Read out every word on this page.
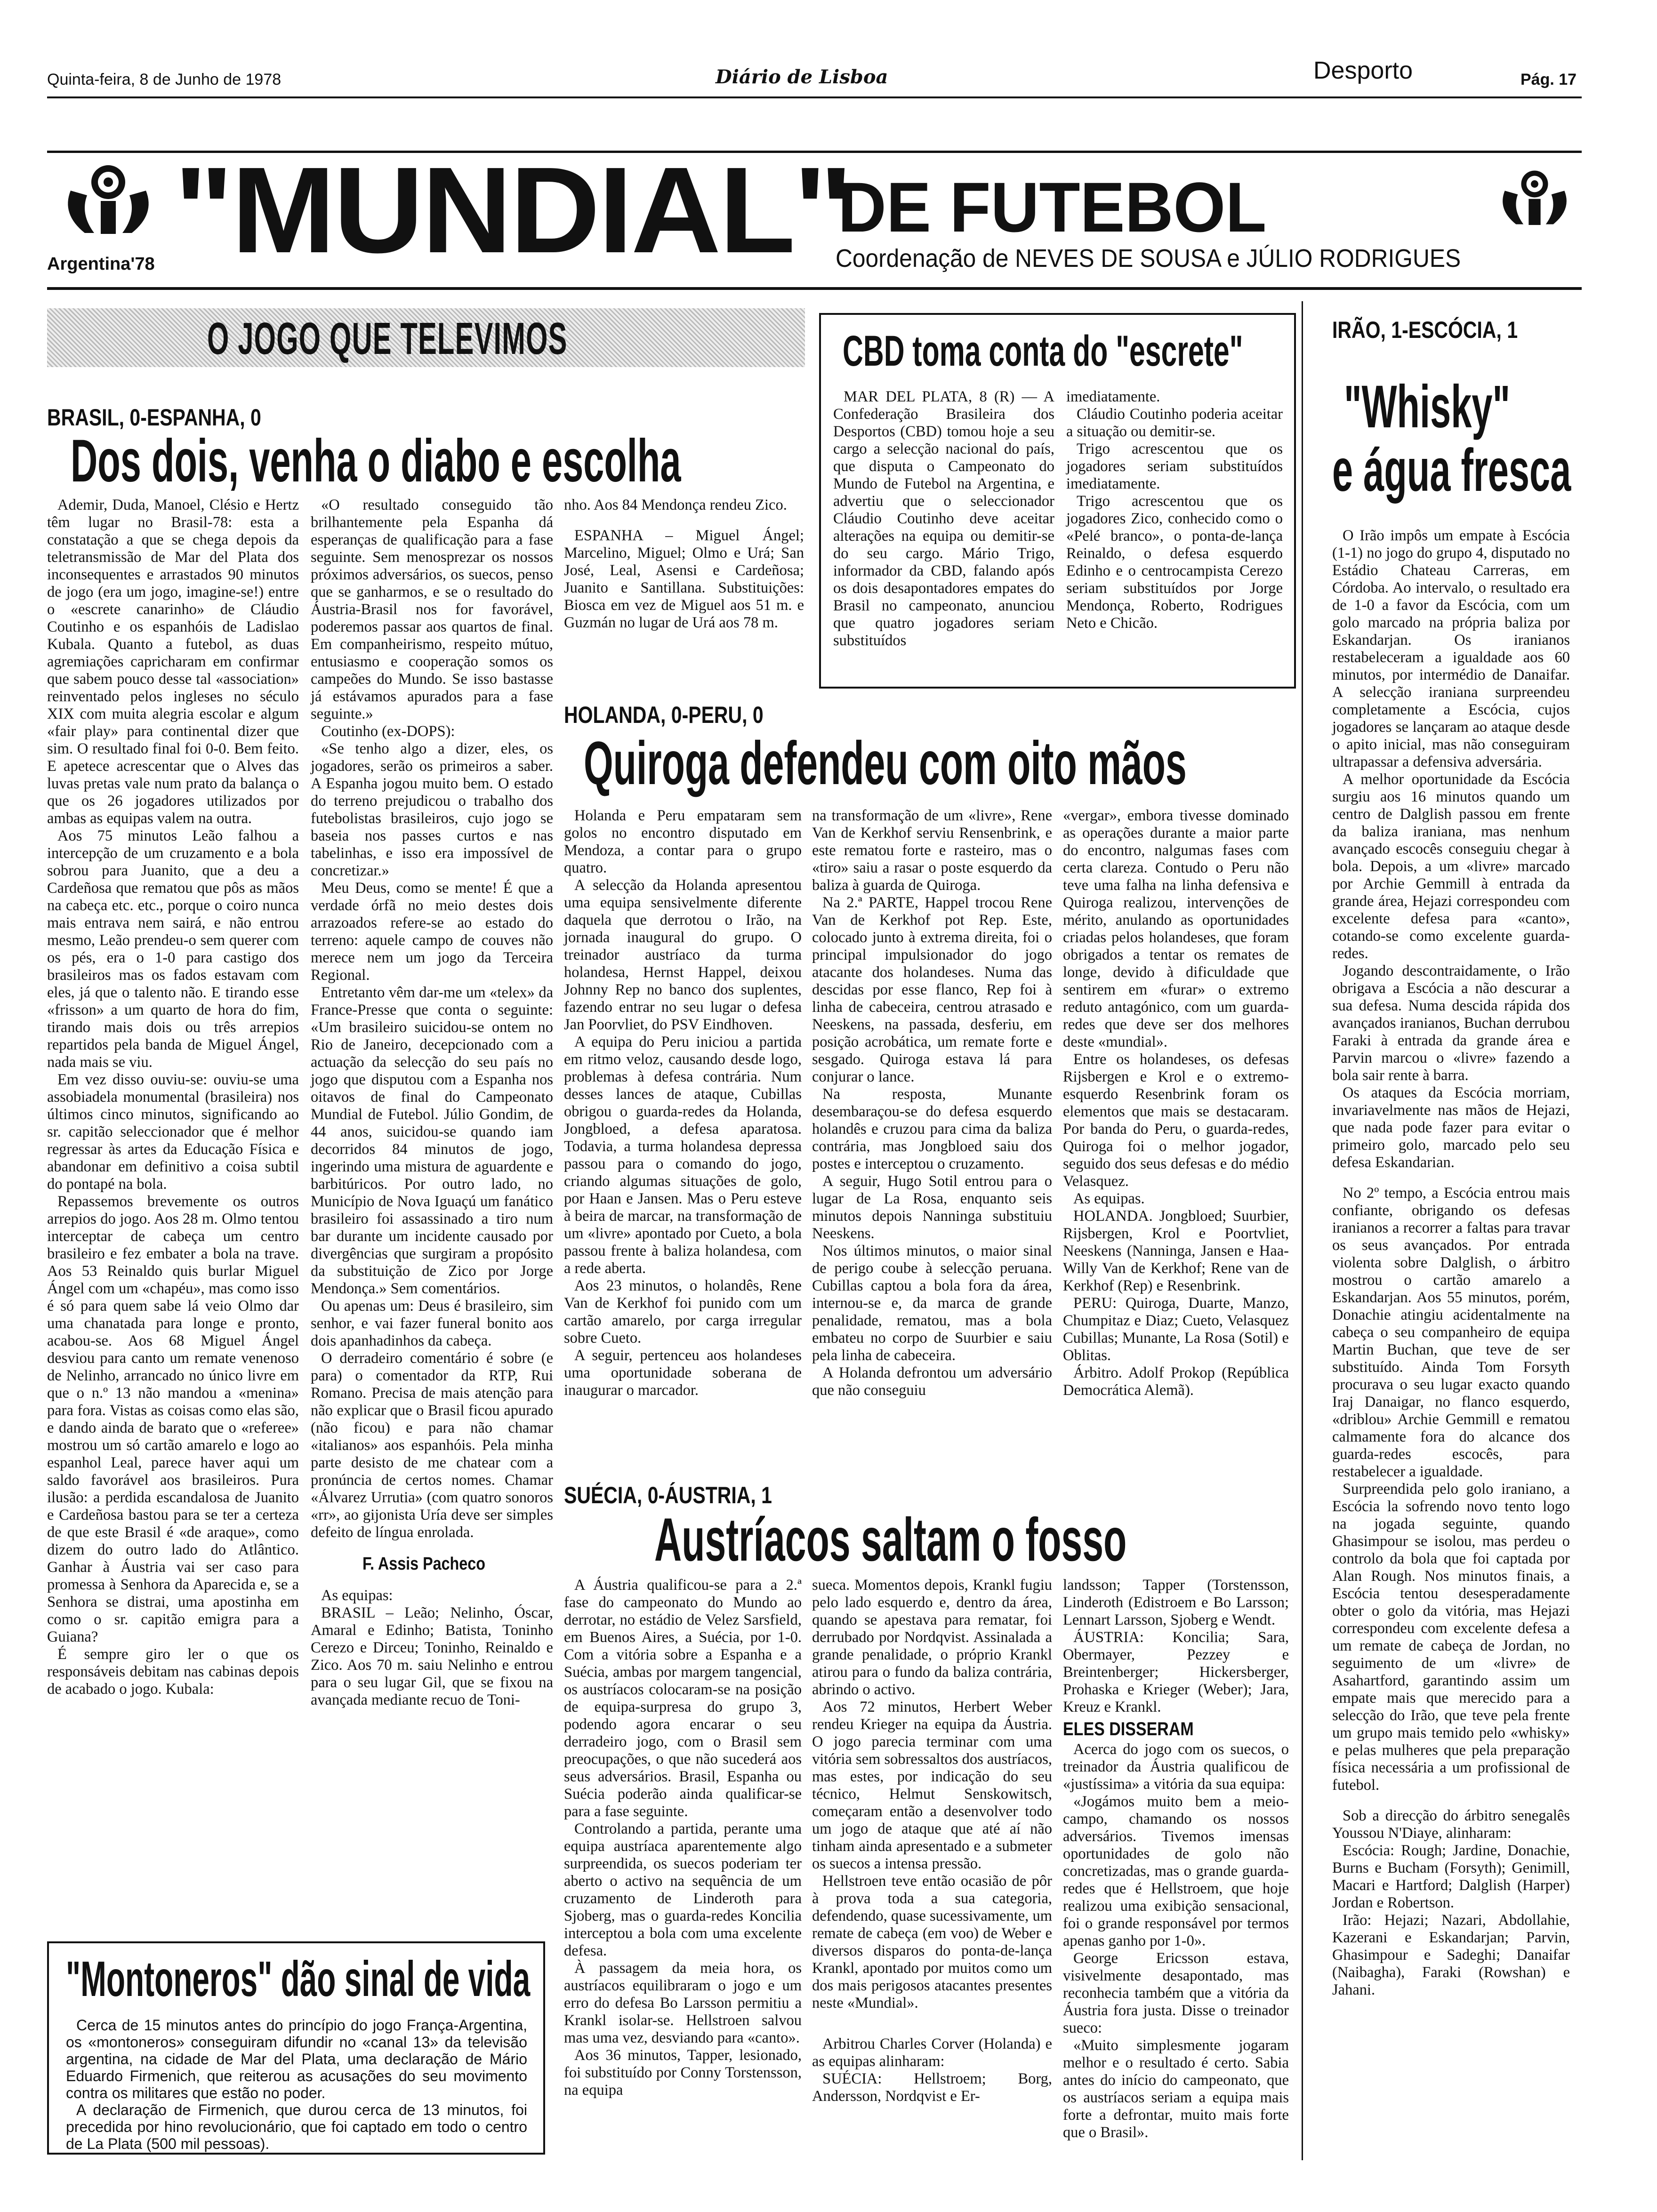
Quinta-feira, 8 de Junho de 1978	Diário de Lisboa	Desporto	Pág. 17
Argentina'78 "MUNDIAL"
DE FUTEBOL
Coordenação de NEVES DE SOUSA e JÚLIO RODRIGUES
O JOGO QUE TELEVIMOS
BRASIL, 0-ESPANHA, 0
Dos dois, venha o diabo e escolha

Ademir, Duda, Manoel, Clésio e Hertz têm lugar no Brasil-78: esta a constatação a que se chega depois da teletransmissão de Mar del Plata dos inconsequentes e arrastados 90 minutos de jogo (era um jogo, imagine-se!) entre o «escrete canarinho» de Cláudio Coutinho e os espanhóis de Ladislao Kubala. Quanto a futebol, as duas agremiações capricharam em confirmar que sabem pouco desse tal «association» reinventado pelos ingleses no século XIX com muita alegria escolar e algum «fair play» para continental dizer que sim. O resultado final foi 0-0. Bem feito. E apetece acrescentar que o Alves das luvas pretas vale num prato da balança o que os 26 jogadores utilizados por ambas as equipas valem na outra.

Aos 75 minutos Leão falhou a intercepção de um cruzamento e a bola sobrou para Juanito, que a deu a Cardeñosa que rematou que pôs as mãos na cabeça etc. etc., porque o coiro nunca mais entrava nem sairá, e não entrou mesmo, Leão prendeu-o sem querer com os pés, era o 1-0 para castigo dos brasileiros mas os fados estavam com eles, já que o talento não. E tirando esse «frisson» a um quarto de hora do fim, tirando mais dois ou três arrepios repartidos pela banda de Miguel Ángel, nada mais se viu.

Em vez disso ouviu-se: ouviu-se uma assobiadela monumental (brasileira) nos últimos cinco minutos, significando ao sr. capitão seleccionador que é melhor regressar às artes da Educação Física e abandonar em definitivo a coisa subtil do pontapé na bola.

Repassemos brevemente os outros arrepios do jogo. Aos 28 m. Olmo tentou interceptar de cabeça um centro brasileiro e fez embater a bola na trave. Aos 53 Reinaldo quis burlar Miguel Ángel com um «chapéu», mas como isso é só para quem sabe lá veio Olmo dar uma chanatada para longe e pronto, acabou-se. Aos 68 Miguel Ángel desviou para canto um remate venenoso de Nelinho, arrancado no único livre em que o n.º 13 não mandou a «menina» para fora. Vistas as coisas como elas são, e dando ainda de barato que o «referee» mostrou um só cartão amarelo e logo ao espanhol Leal, parece haver aqui um saldo favorável aos brasileiros. Pura ilusão: a perdida escandalosa de Juanito e Cardeñosa bastou para se ter a certeza de que este Brasil é «de araque», como dizem do outro lado do Atlântico. Ganhar à Áustria vai ser caso para promessa à Senhora da Aparecida e, se a Senhora se distrai, uma apostinha em como o sr. capitão emigra para a Guiana?

É sempre giro ler o que os responsáveis debitam nas cabinas depois de acabado o jogo. Kubala:

«O resultado conseguido tão brilhantemente pela Espanha dá esperanças de qualificação para a fase seguinte. Sem menosprezar os nossos próximos adversários, os suecos, penso que se ganharmos, e se o resultado do Áustria-Brasil nos for favorável, poderemos passar aos quartos de final. Em companheirismo, respeito mútuo, entusiasmo e cooperação somos os campeões do Mundo. Se isso bastasse já estávamos apurados para a fase seguinte.»

Coutinho (ex-DOPS):

«Se tenho algo a dizer, eles, os jogadores, serão os primeiros a saber. A Espanha jogou muito bem. O estado do terreno prejudicou o trabalho dos futebolistas brasileiros, cujo jogo se baseia nos passes curtos e nas tabelinhas, e isso era impossível de concretizar.»

Meu Deus, como se mente! É que a verdade órfã no meio destes dois arrazoados refere-se ao estado do terreno: aquele campo de couves não merece nem um jogo da Terceira Regional.

Entretanto vêm dar-me um «telex» da France-Presse que conta o seguinte: «Um brasileiro suicidou-se ontem no Rio de Janeiro, decepcionado com a actuação da selecção do seu país no jogo que disputou com a Espanha nos oitavos de final do Campeonato Mundial de Futebol. Júlio Gondim, de 44 anos, suicidou-se quando iam decorridos 84 minutos de jogo, ingerindo uma mistura de aguardente e barbitúricos. Por outro lado, no Município de Nova Iguaçú um fanático brasileiro foi assassinado a tiro num bar durante um incidente causado por divergências que surgiram a propósito da substituição de Zico por Jorge Mendonça.» Sem comentários.

Ou apenas um: Deus é brasileiro, sim senhor, e vai fazer funeral bonito aos dois apanhadinhos da cabeça.

O derradeiro comentário é sobre (e para) o comentador da RTP, Rui Romano. Precisa de mais atenção para não explicar que o Brasil ficou apurado (não ficou) e para não chamar «italianos» aos espanhóis. Pela minha parte desisto de me chatear com a pronúncia de certos nomes. Chamar «Álvarez Urrutia» (com quatro sonoros «rr», ao gijonista Uría deve ser simples defeito de língua enrolada.

F. Assis Pacheco

As equipas:

BRASIL – Leão; Nelinho, Óscar, Amaral e Edinho; Batista, Toninho Cerezo e Dirceu; Toninho, Reinaldo e Zico. Aos 70 m. saiu Nelinho e entrou para o seu lugar Gil, que se fixou na avançada mediante recuo de Toni-

nho. Aos 84 Mendonça rendeu Zico.

ESPANHA – Miguel Ángel; Marcelino, Miguel; Olmo e Urá; San José, Leal, Asensi e Cardeñosa; Juanito e Santillana. Substituições: Biosca em vez de Miguel aos 51 m. e Guzmán no lugar de Urá aos 78 m.

CBD toma conta do "escrete"

MAR DEL PLATA, 8 (R) — A Confederação Brasileira dos Desportos (CBD) tomou hoje a seu cargo a selecção nacional do país, que disputa o Campeonato do Mundo de Futebol na Argentina, e advertiu que o seleccionador Cláudio Coutinho deve aceitar alterações na equipa ou demitir-se do seu cargo. Mário Trigo, informador da CBD, falando após os dois desapontadores empates do Brasil no campeonato, anunciou que quatro jogadores seriam substituídos

imediatamente.

Cláudio Coutinho poderia aceitar a situação ou demitir-se.

Trigo acrescentou que os jogadores seriam substituídos imediatamente.

Trigo acrescentou que os jogadores Zico, conhecido como o «Pelé branco», o ponta-de-lança Reinaldo, o defesa esquerdo Edinho e o centrocampista Cerezo seriam substituídos por Jorge Mendonça, Roberto, Rodrigues Neto e Chicão.

HOLANDA, 0-PERU, 0
Quiroga defendeu com oito mãos

Holanda e Peru empataram sem golos no encontro disputado em Mendoza, a contar para o grupo quatro.

A selecção da Holanda apresentou uma equipa sensivelmente diferente daquela que derrotou o Irão, na jornada inaugural do grupo. O treinador austríaco da turma holandesa, Hernst Happel, deixou Johnny Rep no banco dos suplentes, fazendo entrar no seu lugar o defesa Jan Poorvliet, do PSV Eindhoven.

A equipa do Peru iniciou a partida em ritmo veloz, causando desde logo, problemas à defesa contrária. Num desses lances de ataque, Cubillas obrigou o guarda-redes da Holanda, Jongbloed, a defesa aparatosa. Todavia, a turma holandesa depressa passou para o comando do jogo, criando algumas situações de golo, por Haan e Jansen. Mas o Peru esteve à beira de marcar, na transformação de um «livre» apontado por Cueto, a bola passou frente à baliza holandesa, com a rede aberta.

Aos 23 minutos, o holandês, Rene Van de Kerkhof foi punido com um cartão amarelo, por carga irregular sobre Cueto.

A seguir, pertenceu aos holandeses uma oportunidade soberana de inaugurar o marcador.

na transformação de um «livre», Rene Van de Kerkhof serviu Rensenbrink, e este rematou forte e rasteiro, mas o «tiro» saiu a rasar o poste esquerdo da baliza à guarda de Quiroga.

Na 2.ª PARTE, Happel trocou Rene Van de Kerkhof pot Rep. Este, colocado junto à extrema direita, foi o principal impulsionador do jogo atacante dos holandeses. Numa das descidas por esse flanco, Rep foi à linha de cabeceira, centrou atrasado e Neeskens, na passada, desferiu, em posição acrobática, um remate forte e sesgado. Quiroga estava lá para conjurar o lance.

Na resposta, Munante desembaraçou-se do defesa esquerdo holandês e cruzou para cima da baliza contrária, mas Jongbloed saiu dos postes e interceptou o cruzamento.

A seguir, Hugo Sotil entrou para o lugar de La Rosa, enquanto seis minutos depois Nanninga substituiu Neeskens.

Nos últimos minutos, o maior sinal de perigo coube à selecção peruana. Cubillas captou a bola fora da área, internou-se e, da marca de grande penalidade, rematou, mas a bola embateu no corpo de Suurbier e saiu pela linha de cabeceira.

A Holanda defrontou um adversário que não conseguiu

«vergar», embora tivesse dominado as operações durante a maior parte do encontro, nalgumas fases com certa clareza. Contudo o Peru não teve uma falha na linha defensiva e Quiroga realizou, intervenções de mérito, anulando as oportunidades criadas pelos holandeses, que foram obrigados a tentar os remates de longe, devido à dificuldade que sentirem em «furar» o extremo reduto antagónico, com um guarda-redes que deve ser dos melhores deste «mundial».

Entre os holandeses, os defesas Rijsbergen e Krol e o extremo-esquerdo Resenbrink foram os elementos que mais se destacaram. Por banda do Peru, o guarda-redes, Quiroga foi o melhor jogador, seguido dos seus defesas e do médio Velasquez.

As equipas.

HOLANDA. Jongbloed; Suurbier, Rijsbergen, Krol e Poortvliet, Neeskens (Nanninga, Jansen e Haa-Willy Van de Kerkhof; Rene van de Kerkhof (Rep) e Resenbrink.

PERU: Quiroga, Duarte, Manzo, Chumpitaz e Diaz; Cueto, Velasquez Cubillas; Munante, La Rosa (Sotil) e Oblitas.

Árbitro. Adolf Prokop (República Democrática Alemã).

SUÉCIA, 0-ÁUSTRIA, 1
Austríacos saltam o fosso

A Áustria qualificou-se para a 2.ª fase do campeonato do Mundo ao derrotar, no estádio de Velez Sarsfield, em Buenos Aires, a Suécia, por 1-0. Com a vitória sobre a Espanha e a Suécia, ambas por margem tangencial, os austríacos colocaram-se na posição de equipa-surpresa do grupo 3, podendo agora encarar o seu derradeiro jogo, com o Brasil sem preocupações, o que não sucederá aos seus adversários. Brasil, Espanha ou Suécia poderão ainda qualificar-se para a fase seguinte.

Controlando a partida, perante uma equipa austríaca aparentemente algo surpreendida, os suecos poderiam ter aberto o activo na sequência de um cruzamento de Linderoth para Sjoberg, mas o guarda-redes Koncilia interceptou a bola com uma excelente defesa.

À passagem da meia hora, os austríacos equilibraram o jogo e um erro do defesa Bo Larsson permitiu a Krankl isolar-se. Hellstroen salvou mas uma vez, desviando para «canto».

Aos 36 minutos, Tapper, lesionado, foi substituído por Conny Torstensson, na equipa

sueca. Momentos depois, Krankl fugiu pelo lado esquerdo e, dentro da área, quando se apestava para rematar, foi derrubado por Nordqvist. Assinalada a grande penalidade, o próprio Krankl atirou para o fundo da baliza contrária, abrindo o activo.

Aos 72 minutos, Herbert Weber rendeu Krieger na equipa da Áustria. O jogo parecia terminar com uma vitória sem sobressaltos dos austríacos, mas estes, por indicação do seu técnico, Helmut Senskowitsch, começaram então a desenvolver todo um jogo de ataque que até aí não tinham ainda apresentado e a submeter os suecos a intensa pressão.

Hellstroen teve então ocasião de pôr à prova toda a sua categoria, defendendo, quase sucessivamente, um remate de cabeça (em voo) de Weber e diversos disparos do ponta-de-lança Krankl, apontado por muitos como um dos mais perigosos atacantes presentes neste «Mundial».

Arbitrou Charles Corver (Holanda) e as equipas alinharam:

SUÉCIA: Hellstroem; Borg, Andersson, Nordqvist e Er-

landsson; Tapper (Torstensson, Linderoth (Edistroem e Bo Larsson; Lennart Larsson, Sjoberg e Wendt.

ÁUSTRIA: Koncilia; Sara, Obermayer, Pezzey e Breintenberger; Hickersberger, Prohaska e Krieger (Weber); Jara, Kreuz e Krankl.

ELES DISSERAM

Acerca do jogo com os suecos, o treinador da Áustria qualificou de «justíssima» a vitória da sua equipa:

«Jogámos muito bem a meio-campo, chamando os nossos adversários. Tivemos imensas oportunidades de golo não concretizadas, mas o grande guarda-redes que é Hellstroem, que hoje realizou uma exibição sensacional, foi o grande responsável por termos apenas ganho por 1-0».

George Ericsson estava, visivelmente desapontado, mas reconhecia também que a vitória da Áustria fora justa. Disse o treinador sueco:

«Muito simplesmente jogaram melhor e o resultado é certo. Sabia antes do início do campeonato, que os austríacos seriam a equipa mais forte a defrontar, muito mais forte que o Brasil».

"Montoneros" dão sinal de vida

Cerca de 15 minutos antes do princípio do jogo França-Argentina, os «montoneros» conseguiram difundir no «canal 13» da televisão argentina, na cidade de Mar del Plata, uma declaração de Mário Eduardo Firmenich, que reiterou as acusações do seu movimento contra os militares que estão no poder.

A declaração de Firmenich, que durou cerca de 13 minutos, foi precedida por hino revolucionário, que foi captado em todo o centro de La Plata (500 mil pessoas).

IRÃO, 1-ESCÓCIA, 1
"Whisky"
e água fresca

O Irão impôs um empate à Escócia (1-1) no jogo do grupo 4, disputado no Estádio Chateau Carreras, em Córdoba. Ao intervalo, o resultado era de 1-0 a favor da Escócia, com um golo marcado na própria baliza por Eskandarjan. Os iranianos restabeleceram a igualdade aos 60 minutos, por intermédio de Danaifar. A selecção iraniana surpreendeu completamente a Escócia, cujos jogadores se lançaram ao ataque desde o apito inicial, mas não conseguiram ultrapassar a defensiva adversária.

A melhor oportunidade da Escócia surgiu aos 16 minutos quando um centro de Dalglish passou em frente da baliza iraniana, mas nenhum avançado escocês conseguiu chegar à bola. Depois, a um «livre» marcado por Archie Gemmill à entrada da grande área, Hejazi correspondeu com excelente defesa para «canto», cotando-se como excelente guarda-redes.

Jogando descontraidamente, o Irão obrigava a Escócia a não descurar a sua defesa. Numa descida rápida dos avançados iranianos, Buchan derrubou Faraki à entrada da grande área e Parvin marcou o «livre» fazendo a bola sair rente à barra.

Os ataques da Escócia morriam, invariavelmente nas mãos de Hejazi, que nada pode fazer para evitar o primeiro golo, marcado pelo seu defesa Eskandarian.

No 2º tempo, a Escócia entrou mais confiante, obrigando os defesas iranianos a recorrer a faltas para travar os seus avançados. Por entrada violenta sobre Dalglish, o árbitro mostrou o cartão amarelo a Eskandarjan. Aos 55 minutos, porém, Donachie atingiu acidentalmente na cabeça o seu companheiro de equipa Martin Buchan, que teve de ser substituído. Ainda Tom Forsyth procurava o seu lugar exacto quando Iraj Danaigar, no flanco esquerdo, «driblou» Archie Gemmill e rematou calmamente fora do alcance dos guarda-redes escocês, para restabelecer a igualdade.

Surpreendida pelo golo iraniano, a Escócia la sofrendo novo tento logo na jogada seguinte, quando Ghasimpour se isolou, mas perdeu o controlo da bola que foi captada por Alan Rough. Nos minutos finais, a Escócia tentou desesperadamente obter o golo da vitória, mas Hejazi correspondeu com excelente defesa a um remate de cabeça de Jordan, no seguimento de um «livre» de Asahartford, garantindo assim um empate mais que merecido para a selecção do Irão, que teve pela frente um grupo mais temido pelo «whisky» e pelas mulheres que pela preparação física necessária a um profissional de futebol.

Sob a direcção do árbitro senegalês Youssou N'Diaye, alinharam:

Escócia: Rough; Jardine, Donachie, Burns e Bucham (Forsyth); Genimill, Macari e Hartford; Dalglish (Harper) Jordan e Robertson.

Irão: Hejazi; Nazari, Abdollahie, Kazerani e Eskandarjan; Parvin, Ghasimpour e Sadeghi; Danaifar (Naibagha), Faraki (Rowshan) e Jahani.
